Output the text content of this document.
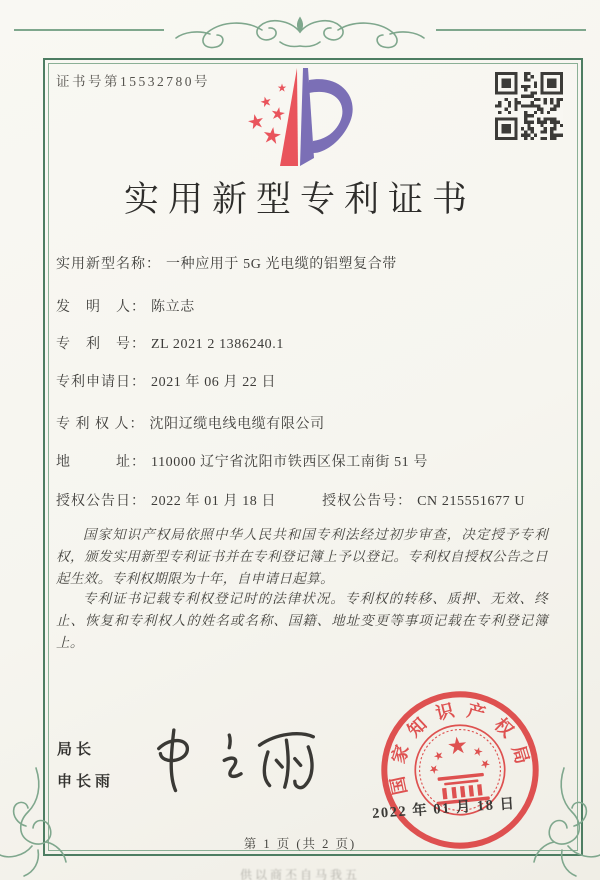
证书号第15532780号
实用新型专利证书
实用新型名称： 一种应用于 5G 光电缆的铝塑复合带
发　明　人： 陈立志
专　利　号： ZL 2021 2 1386240.1
专利申请日： 2021 年 06 月 22 日
专 利 权 人： 沈阳辽缆电线电缆有限公司
地　　　址： 110000 辽宁省沈阳市铁西区保工南街 51 号
授权公告日： 2022 年 01 月 18 日	授权公告号： CN 215551677 U
国家知识产权局依照中华人民共和国专利法经过初步审查，决定授予专利权，颁发实用新型专利证书并在专利登记簿上予以登记。专利权自授权公告之日起生效。专利权期限为十年，自申请日起算。
专利证书记载专利权登记时的法律状况。专利权的转移、质押、无效、终止、恢复和专利权人的姓名或名称、国籍、地址变更等事项记载在专利登记簿上。
局长
申长雨	国家知识产权局
2022 年 01 月 18 日
第 1 页 (共 2 页)
供以商丕自马我五
